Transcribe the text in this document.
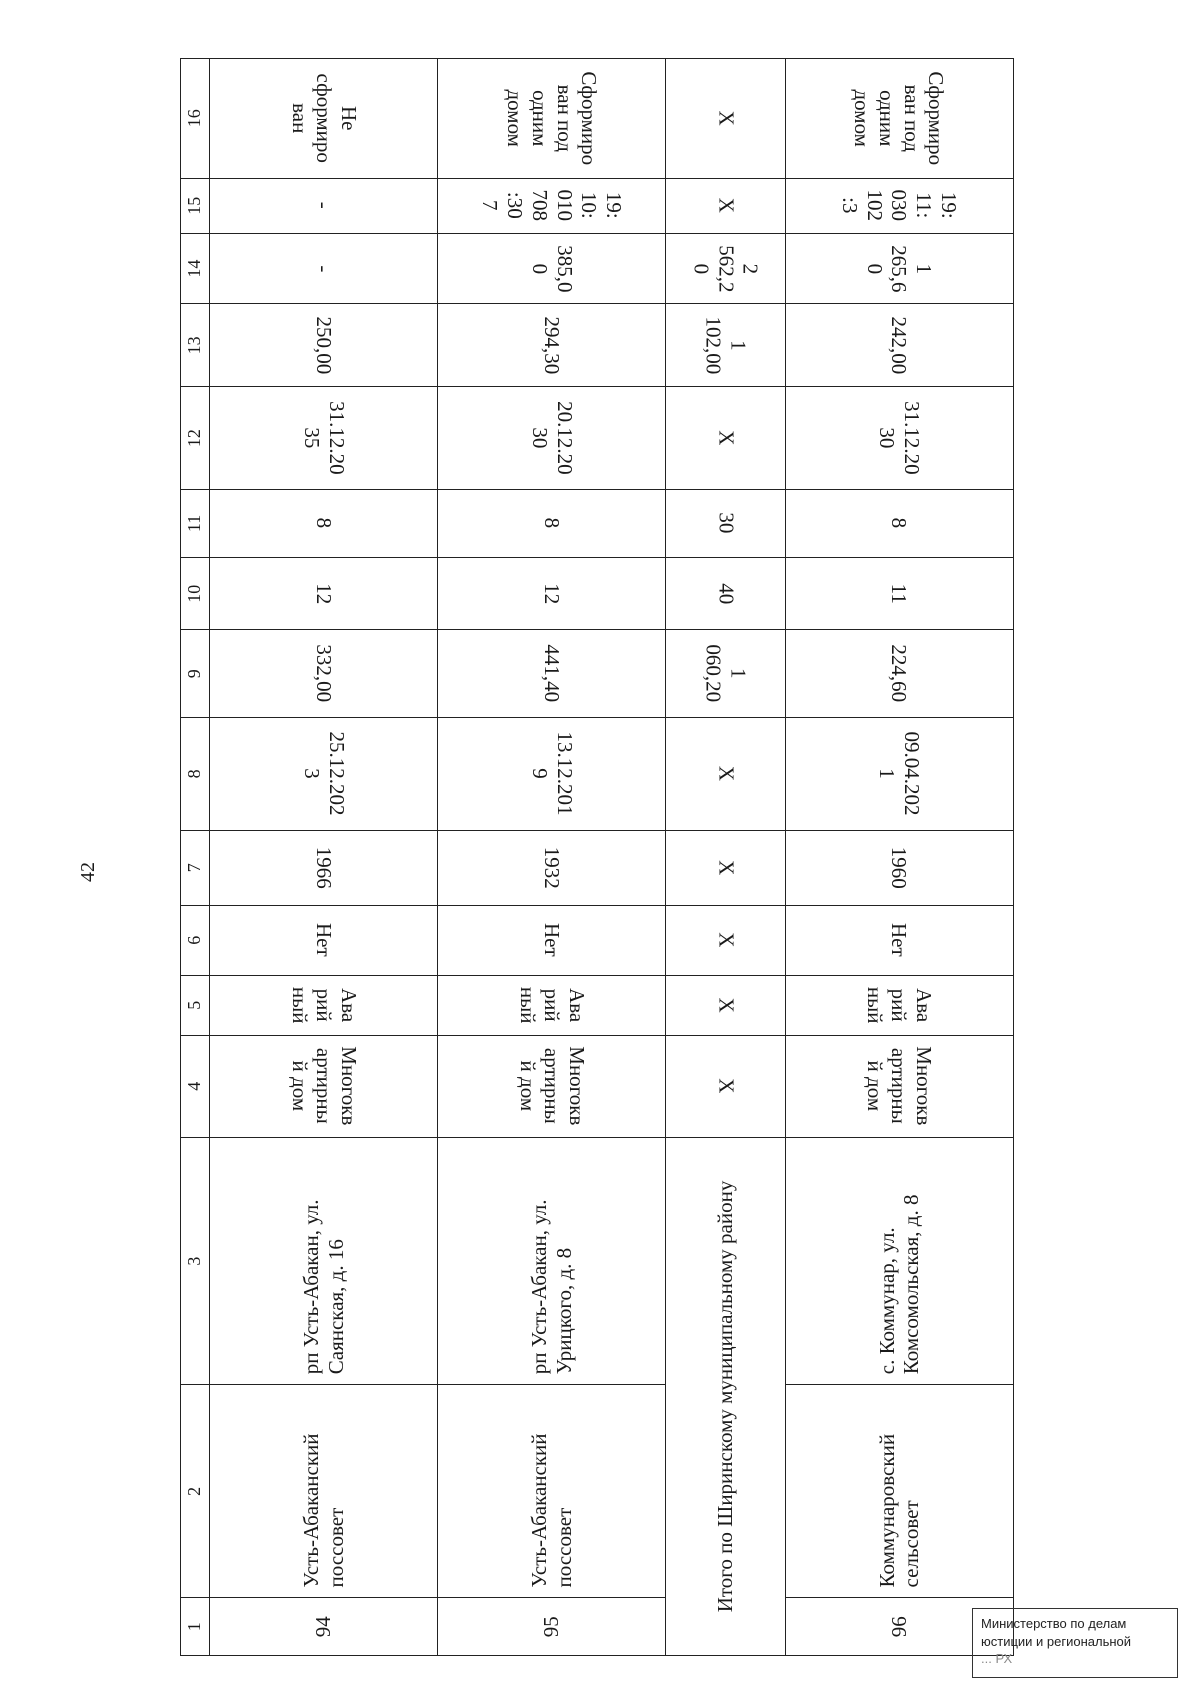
42
1	2	3	4	5	6	7	8	9	10	11	12	13	14	15	16
94	Усть-Абаканский поссовет	рп Усть-Абакан, ул. Саянская, д. 16	Многоквартирный дом	Аварийный	Нет	1966	25.12.2023	332,00	12	8	31.12.2035	250,00	-	-	Не сформирован
95	Усть-Абаканский поссовет	рп Усть-Абакан, ул. Урицкого, д. 8	Многоквартирный дом	Аварийный	Нет	1932	13.12.2019	441,40	12	8	20.12.2030	294,30	385,00	19:10:010708:307	Сформирован под одним домом
Итого по Ширинскому муниципальному району			X	X	X	X	X	1 060,20	40	30	X	1 102,00	2 562,20	X	X
96	Коммунаровский сельсовет	с. Коммунар, ул. Комсомольская, д. 8	Многоквартирный дом	Аварийный	Нет	1960	09.04.2021	224,60	11	8	31.12.2030	242,00	1 265,60	19:11:030102:3	Сформирован под одним домом
Министерство по делам
юстиции и региональной
... РХ
